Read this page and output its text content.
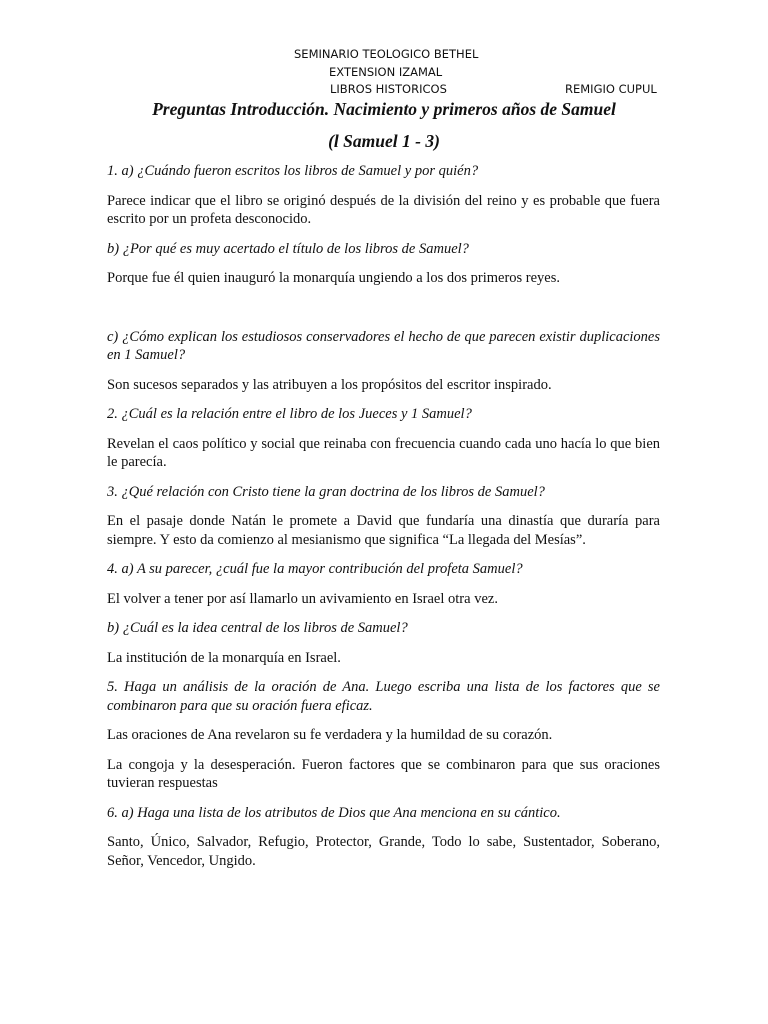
SEMINARIO TEOLOGICO BETHEL
EXTENSION IZAMAL
LIBROS HISTORICOS	REMIGIO CUPUL
Preguntas Introducción. Nacimiento y primeros años de Samuel
(l Samuel 1 - 3)

1. a) ¿Cuándo fueron escritos los libros de Samuel y por quién?

Parece indicar que el libro se originó después de la división del reino y es probable que fuera escrito por un profeta desconocido.

b) ¿Por qué es muy acertado el título de los libros de Samuel?

Porque fue él quien inauguró la monarquía ungiendo a los dos primeros reyes.

c) ¿Cómo explican los estudiosos conservadores el hecho de que parecen existir duplicaciones en 1 Samuel?

Son sucesos separados y las atribuyen a los propósitos del escritor inspirado.

2. ¿Cuál es la relación entre el libro de los Jueces y 1 Samuel?

Revelan el caos político y social que reinaba con frecuencia cuando cada uno hacía lo que bien le parecía.

3. ¿Qué relación con Cristo tiene la gran doctrina de los libros de Samuel?

En el pasaje donde Natán le promete a David que fundaría una dinastía que duraría para siempre. Y esto da comienzo al mesianismo que significa “La llegada del Mesías”.

4. a) A su parecer, ¿cuál fue la mayor contribución del profeta Samuel?

El volver a tener por así llamarlo un avivamiento en Israel otra vez.

b) ¿Cuál es la idea central de los libros de Samuel?

La institución de la monarquía en Israel.

5. Haga un análisis de la oración de Ana. Luego escriba una lista de los factores que se combinaron para que su oración fuera eficaz.

Las oraciones de Ana revelaron su fe verdadera y la humildad de su corazón.

La congoja y la desesperación. Fueron factores que se combinaron para que sus oraciones tuvieran respuestas

6. a) Haga una lista de los atributos de Dios que Ana menciona en su cántico.

Santo, Único, Salvador, Refugio, Protector, Grande, Todo lo sabe, Sustentador, Soberano, Señor, Vencedor, Ungido.
